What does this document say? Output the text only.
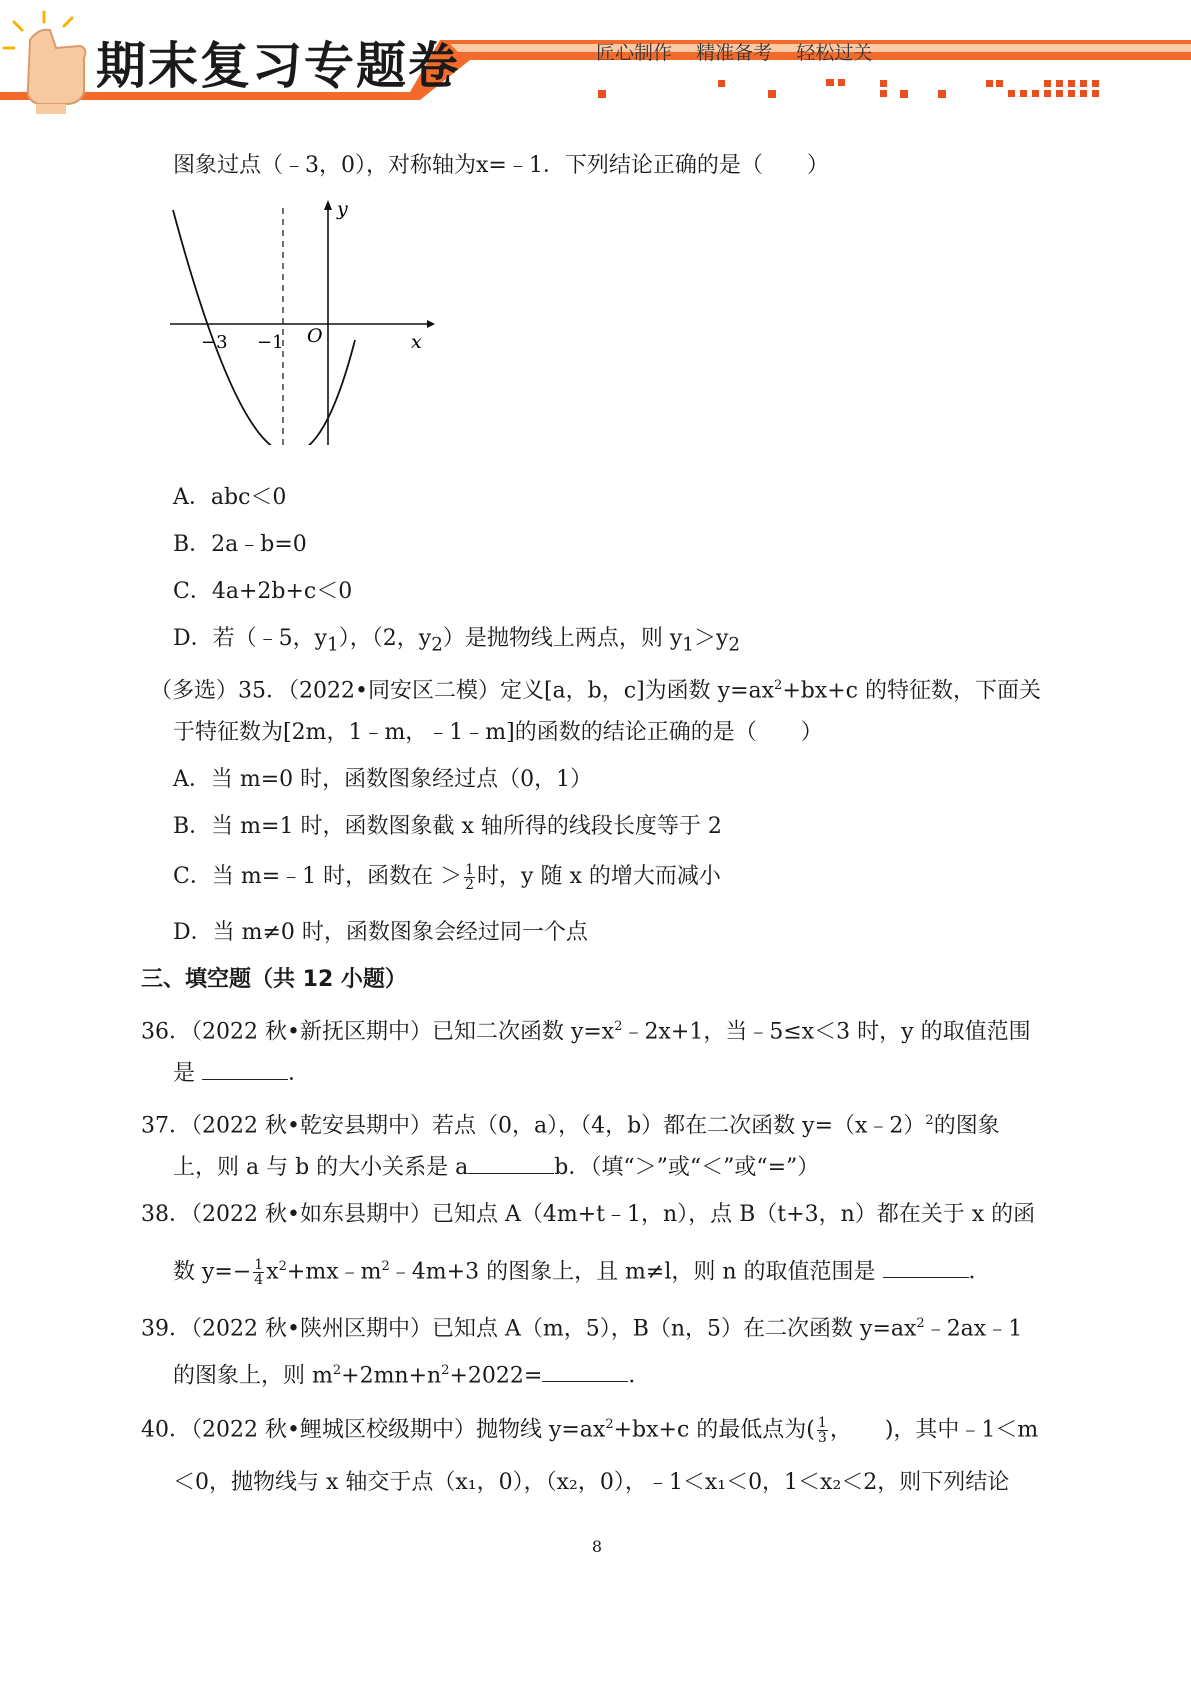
期末复习专题卷	匠心制作    精准备考    轻松过关
图象过点（﹣3，0），对称轴为x=﹣1．下列结论正确的是（　　）
y
x
O
−3 −1
A．abc＜0
B．2a﹣b=0
C．4a+2b+c＜0
D．若（﹣5，$y_1$），（2，$y_2$）是抛物线上两点，则 $y_1>y_2$
（多选）35．（2022•同安区二模）定义[a，b，c]为函数 $y=ax^2+bx+c$ 的特征数，下面关
于特征数为[2m，1﹣m，﹣1﹣m]的函数的结论正确的是（　　）
A．当 m=0 时，函数图象经过点（0，1）
B．当 m=1 时，函数图象截 x 轴所得的线段长度等于 2
C．当 m=﹣1 时，函数在 ＞ $\frac{1}{2}$ 时，y 随 x 的增大而减小
D．当 m≠0 时，函数图象会经过同一个点
三、填空题（共 12 小题）
36．（2022 秋•新抚区期中）已知二次函数 $y=x^2﹣2x+1$，当﹣5≤x＜3 时，y 的取值范围
是	．
37．（2022 秋•乾安县期中）若点（0，a），（4，b）都在二次函数 y=（x﹣2）$^2$的图象
上，则 a 与 b 的大小关系是 a	b．（填“＞”或“＜”或“=”）
38．（2022 秋•如东县期中）已知点 A（4m+t﹣1，n），点 B（t+3，n）都在关于 x 的函
数 $y=- \frac{1}{4}$ $x^2+mx﹣m^2﹣4m+3$ 的图象上，且 m≠l，则 n 的取值范围是	．
39．（2022 秋•陕州区期中）已知点 A（m，5），B（n，5）在二次函数 $y=ax^2﹣2ax﹣1$
的图象上，则 $m^2+2mn+n^2+2022=$	．
40．（2022 秋•鲤城区校级期中）抛物线 $y=ax^2+bx+c$ 的最低点为( $\frac{1}{3}$ ，　　)，其中﹣1＜m
＜0，抛物线与 x 轴交于点（x₁，0），（x₂，0），﹣1＜x₁＜0，1＜x₂＜2，则下列结论
8
